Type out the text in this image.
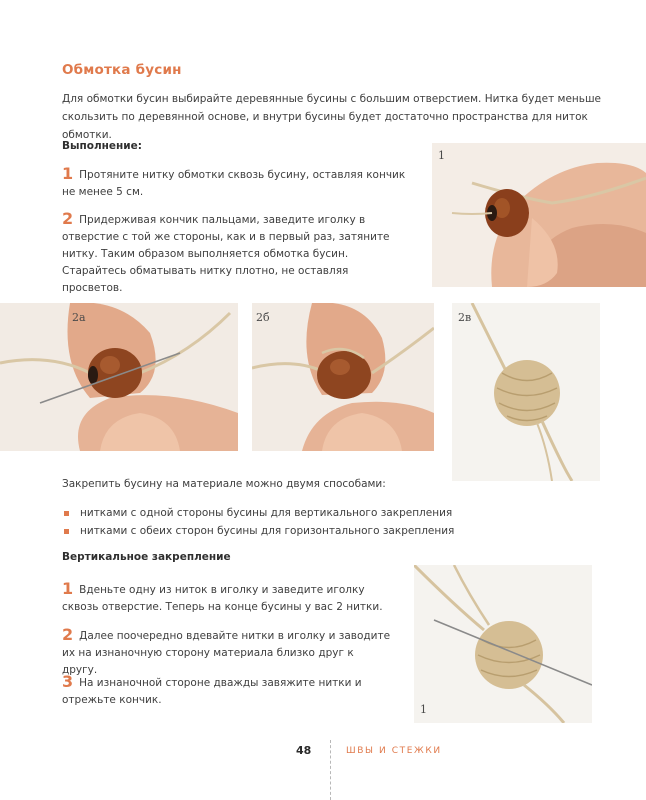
Обмотка бусин
Для обмотки бусин выбирайте деревянные бусины с большим отверстием. Нитка будет меньше скользить по деревянной основе, и внутри бусины будет достаточно пространства для ниток обмотки.
Выполнение:
1 Протяните нитку обмотки сквозь бусину, оставляя кончик не менее 5 см.
2 Придерживая кончик пальцами, заведите иголку в отверстие с той же стороны, как и в первый раз, затяните нитку. Таким образом выполняется обмотка бусин. Старайтесь обматывать нитку плотно, не оставляя просветов.
1
2а	2б	2в
Закрепить бусину на материале можно двумя способами:
нитками с одной стороны бусины для вертикального закрепления
нитками с обеих сторон бусины для горизонтального закрепления
Вертикальное закрепление
1 Вденьте одну из ниток в иголку и заведите иголку сквозь отверстие. Теперь на конце бусины у вас 2 нитки.
2 Далее поочередно вдевайте нитки в иголку и заводите их на изнаночную сторону материала близко друг к другу.
3 На изнаночной стороне дважды завяжите нитки и отрежьте кончик.
1
48	ШВЫ И СТЕЖКИ
